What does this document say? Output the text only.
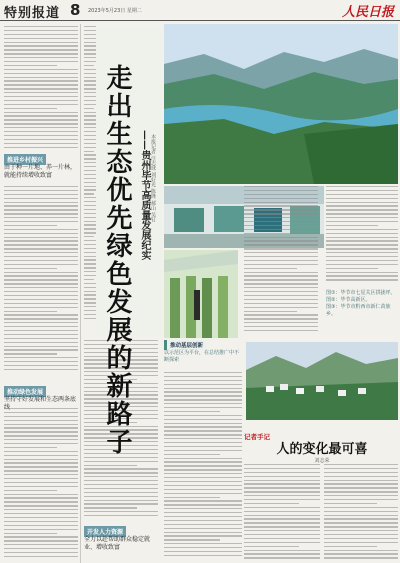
特别报道 8 2023年5月23日 星期二	人民日报
推进乡村振兴
由于种一片地、养一片林，就能持续增收致富
推动绿色发展
坚持守好发展和生态两条底
开发人力资源
全力以赴帮助群众稳定就业、增收致富
走出生态优先绿色发展的新路子 ——贵州毕节高质量发展纪实 本报记者 汪志球 刘好光 陈隆 郝山 吴钉
推动基层创新
以示范区为平台，在总结推广中不断探索
图①：毕节市七星关区拱拢坪。
图②：毕节高新区。
图③：毕节市黔西市新仁苗族乡。
记者手记
人的变化最可喜
刘志荣
